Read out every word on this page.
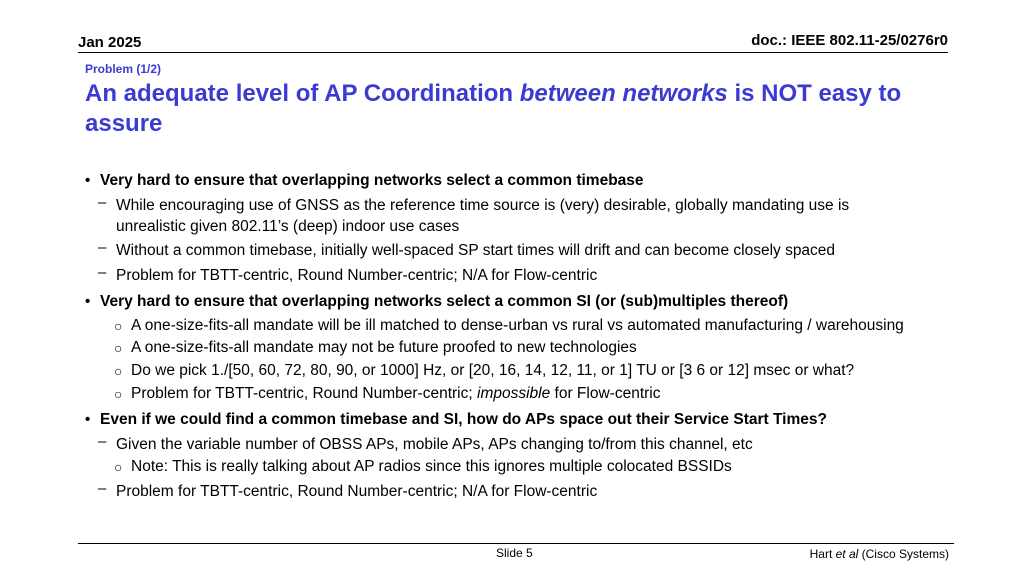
Jan 2025	doc.: IEEE 802.11-25/0276r0
Problem (1/2)
An adequate level of AP Coordination between networks is NOT easy to assure
• Very hard to ensure that overlapping networks select a common timebase
– While encouraging use of GNSS as the reference time source is (very) desirable, globally mandating use is
unrealistic given 802.11’s (deep) indoor use cases
– Without a common timebase, initially well-spaced SP start times will drift and can become closely spaced
– Problem for TBTT-centric, Round Number-centric; N/A for Flow-centric
• Very hard to ensure that overlapping networks select a common SI (or (sub)multiples thereof)
○ A one-size-fits-all mandate will be ill matched to dense-urban vs rural vs automated manufacturing / warehousing
○ A one-size-fits-all mandate may not be future proofed to new technologies
○ Do we pick 1./[50, 60, 72, 80, 90, or 1000] Hz, or [20, 16, 14, 12, 11, or 1] TU or [3 6 or 12] msec or what?
○ Problem for TBTT-centric, Round Number-centric; impossible for Flow-centric
• Even if we could find a common timebase and SI, how do APs space out their Service Start Times?
– Given the variable number of OBSS APs, mobile APs, APs changing to/from this channel, etc
○ Note: This is really talking about AP radios since this ignores multiple colocated BSSIDs
– Problem for TBTT-centric, Round Number-centric; N/A for Flow-centric
Slide 5	Hart et al (Cisco Systems)
